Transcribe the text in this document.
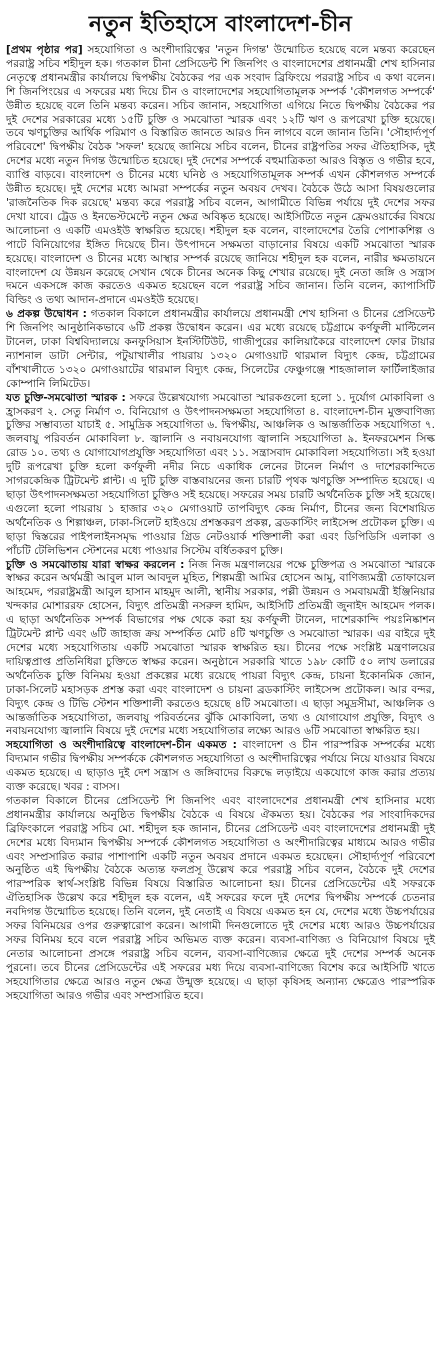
নতুন ইতিহাসে বাংলাদেশ-চীন

[প্রথম পৃষ্ঠার পর] সহযোগিতা ও অংশীদারিত্বের 'নতুন দিগন্ত' উন্মোচিত হয়েছে বলে মন্তব্য করেছেন পররাষ্ট্র সচিব শহীদুল হক। গতকাল চীনা প্রেসিডেন্ট শি জিনপিং ও বাংলাদেশের প্রধানমন্ত্রী শেখ হাসিনার নেতৃত্বে প্রধানমন্ত্রীর কার্যালয়ে দ্বিপক্ষীয় বৈঠকের পর এক সংবাদ ব্রিফিংয়ে পররাষ্ট্র সচিব এ কথা বলেন। শি জিনপিংয়ের এ সফরের মধ্য দিয়ে চীন ও বাংলাদেশের সহযোগিতামূলক সম্পর্ক 'কৌশলগত সম্পর্কে' উন্নীত হয়েছে বলে তিনি মন্তব্য করেন। সচিব জানান, সহযোগিতা এগিয়ে নিতে দ্বিপক্ষীয় বৈঠকের পর দুই দেশের সরকারের মধ্যে ১৫টি চুক্তি ও সমঝোতা স্মারক এবং ১২টি ঋণ ও রূপরেখা চুক্তি হয়েছে। তবে ঋণচুক্তির আর্থিক পরিমাণ ও বিস্তারিত জানতে আরও দিন লাগবে বলে জানান তিনি। 'সৌহার্দ্যপূর্ণ পরিবেশে' দ্বিপক্ষীয় বৈঠক 'সফল' হয়েছে জানিয়ে সচিব বলেন, চীনের রাষ্ট্রপতির সফর ঐতিহাসিক, দুই দেশের মধ্যে নতুন দিগন্ত উন্মোচিত হয়েছে। দুই দেশের সম্পর্কে বহুমাত্রিকতা আরও বিস্তৃত ও গভীর হবে, ব্যাপ্তি বাড়বে। বাংলাদেশ ও চীনের মধ্যে ঘনিষ্ঠ ও সহযোগিতামূলক সম্পর্ক এখন কৌশলগত সম্পর্কে উন্নীত হয়েছে। দুই দেশের মধ্যে আমরা সম্পর্কের নতুন অবয়ব দেখব। বৈঠকে উঠে আসা বিষয়গুলোর 'রাজনৈতিক দিক রয়েছে' মন্তব্য করে পররাষ্ট্র সচিব বলেন, আগামীতে বিভিন্ন পর্যায়ে দুই দেশের সফর দেখা যাবে। ট্রেড ও ইনভেস্টমেন্টে নতুন ক্ষেত্র অবিষ্কৃত হয়েছে। আইসিটিতে নতুন ফ্রেমওয়ার্কের বিষয়ে আলোচনা ও একটি এমওইউ স্বাক্ষরিত হয়েছে। শহীদুল হক বলেন, বাংলাদেশের তৈরি পোশাকশিল্প ও পাটে বিনিয়োগের ইঙ্গিত দিয়েছে চীন। উৎপাদনে সক্ষমতা বাড়ানোর বিষয়ে একটি সমঝোতা স্মারক হয়েছে। বাংলাদেশ ও চীনের মধ্যে আস্থার সম্পর্ক রয়েছে জানিয়ে শহীদুল হক বলেন, নারীর ক্ষমতায়নে বাংলাদেশ যে উন্নয়ন করেছে সেখান থেকে চীনের অনেক কিছু শেখার রয়েছে। দুই নেতা জঙ্গি ও সন্ত্রাস দমনে একসঙ্গে কাজ করতেও একমত হয়েছেন বলে পররাষ্ট্র সচিব জানান। তিনি বলেন, ক্যাপাসিটি বিল্ডিং ও তথ্য আদান-প্রদানে এমওইউ হয়েছে।

৬ প্রকল্প উদ্বোধন : গতকাল বিকালে প্রধানমন্ত্রীর কার্যালয়ে প্রধানমন্ত্রী শেখ হাসিনা ও চীনের প্রেসিডেন্ট শি জিনপিং আনুষ্ঠানিকভাবে ৬টি প্রকল্প উদ্বোধন করেন। এর মধ্যে রয়েছে চট্টগ্রামে কর্ণফুলী মাল্টিলেন টানেল, ঢাকা বিশ্ববিদ্যালয়ে কনফুসিয়াস ইনস্টিটিউট, গাজীপুরের কালিয়াকৈরে বাংলাদেশ ফোর টায়ার ন্যাশনাল ডাটা সেন্টার, পটুয়াখালীর পায়রায় ১৩২০ মেগাওয়াট থারমাল বিদ্যুৎ কেন্দ্র, চট্টগ্রামের বাঁশখালীতে ১৩২০ মেগাওয়াটের থারমাল বিদ্যুৎ কেন্দ্র, সিলেটের ফেঞ্চুগঞ্জে শাহজালাল ফার্টিলাইজার কোম্পানি লিমিটেড।

যত চুক্তি-সমঝোতা স্মারক : সফরে উল্লেখযোগ্য সমঝোতা স্মারকগুলো হলো ১. দুর্যোগ মোকাবিলা ও হ্রাসকরণ ২. সেতু নির্মাণ ৩. বিনিয়োগ ও উৎপাদনসক্ষমতা সহযোগিতা ৪. বাংলাদেশ-চীন মুক্তবাণিজ্য চুক্তির সম্ভাব্যতা যাচাই ৫. সামুদ্রিক সহযোগিতা ৬. দ্বিপক্ষীয়, আঞ্চলিক ও আন্তর্জাতিক সহযোগিতা ৭. জলবায়ু পরিবর্তন মোকাবিলা ৮. জ্বালানি ও নবায়নযোগ্য জ্বালানি সহযোগিতা ৯. ইনফরমেশন সিল্ক রোড ১০. তথ্য ও যোগাযোগপ্রযুক্তি সহযোগিতা এবং ১১. সন্ত্রাসবাদ মোকাবিলা সহযোগিতা। সই হওয়া দুটি রূপরেখা চুক্তি হলো কর্ণফুলী নদীর নিচে একাধিক লেনের টানেল নির্মাণ ও দাশেরকান্দিতে সাগরকেন্দ্রিক ট্রিটমেন্ট প্লান্ট। এ দুটি চুক্তি বাস্তবায়নের জন্য চারটি পৃথক ঋণচুক্তি সম্পাদিত হয়েছে। এ ছাড়া উৎপাদনসক্ষমতা সহযোগিতা চুক্তিও সই হয়েছে। সফরের সময় চারটি অর্থনৈতিক চুক্তি সই হয়েছে। এগুলো হলো পায়রায় ১ হাজার ৩২০ মেগাওয়াট তাপবিদ্যুৎ কেন্দ্র নির্মাণ, চীনের জন্য বিশেষায়িত অর্থনৈতিক ও শিল্পাঞ্চল, ঢাকা-সিলেট হাইওয়ে প্রশস্তকরণ প্রকল্প, ব্রডকাস্টিং লাইসেন্স প্রটোকল চুক্তি। এ ছাড়া দ্বিস্তরের পাইপলাইনসমৃদ্ধ পাওয়ার গ্রিড নেটওয়ার্ক শক্তিশালী করা এবং ডিপিডিসি এলাকা ও পাঁচটি টেলিভিশন স্টেশনের মধ্যে পাওয়ার সিস্টেম বর্ধিতকরণ চুক্তি।

চুক্তি ও সমঝোতায় যারা স্বাক্ষর করলেন : নিজ নিজ মন্ত্রণালয়ের পক্ষে চুক্তিপত্র ও সমঝোতা স্মারকে স্বাক্ষর করেন অর্থমন্ত্রী আবুল মাল আবদুল মুহিত, শিল্পমন্ত্রী আমির হোসেন আমু, বাণিজ্যমন্ত্রী তোফায়েল আহমেদ, পররাষ্ট্রমন্ত্রী আবুল হাসান মাহমুদ আলী, স্থানীয় সরকার, পল্লী উন্নয়ন ও সমবায়মন্ত্রী ইঞ্জিনিয়ার খন্দকার মোশাররফ হোসেন, বিদ্যুৎ প্রতিমন্ত্রী নসরুল হামিদ, আইসিটি প্রতিমন্ত্রী জুনাইদ আহমেদ পলক। এ ছাড়া অর্থনৈতিক সম্পর্ক বিভাগের পক্ষ থেকে করা হয় কর্ণফুলী টানেল, দাশেরকান্দি পয়ঃনিষ্কাশন ট্রিটমেন্ট প্লান্ট এবং ৬টি জাহাজ ক্রয় সম্পর্কিত মোট ৪টি ঋণচুক্তি ও সমঝোতা স্মারক। এর বাইরে দুই দেশের মধ্যে সহযোগিতায় একটি সমঝোতা স্মারক স্বাক্ষরিত হয়। চীনের পক্ষে সংশ্লিষ্ট মন্ত্রণালয়ের দায়িত্বপ্রাপ্ত প্রতিনিধিরা চুক্তিতে স্বাক্ষর করেন। অনুষ্ঠানে সরকারি খাতে ১৯৮ কোটি ৫০ লাখ ডলারের অর্থনৈতিক চুক্তি বিনিময় হওয়া প্রকল্পের মধ্যে রয়েছে পায়রা বিদ্যুৎ কেন্দ্র, চায়না ইকোনমিক জোন, ঢাকা-সিলেট মহাসড়ক প্রশস্ত করা এবং বাংলাদেশ ও চায়না ব্রডকাস্টিং লাইসেন্স প্রটোকল। আর বন্দর, বিদ্যুৎ কেন্দ্র ও টিভি স্টেশন শক্তিশালী করতেও হয়েছে ৪টি সমঝোতা। এ ছাড়া সমুদ্রসীমা, আঞ্চলিক ও আন্তর্জাতিক সহযোগিতা, জলবায়ু পরিবর্তনের ঝুঁকি মোকাবিলা, তথ্য ও যোগাযোগ প্রযুক্তি, বিদ্যুৎ ও নবায়নযোগ্য জ্বালানি বিষয়ে দুই দেশের মধ্যে সহযোগিতার লক্ষ্যে আরও ৬টি সমঝোতা স্বাক্ষরিত হয়।

সহযোগিতা ও অংশীদারিত্বে বাংলাদেশ-চীন একমত : বাংলাদেশ ও চীন পারস্পরিক সম্পর্কের মধ্যে বিদ্যমান গভীর দ্বিপক্ষীয় সম্পর্ককে কৌশলগত সহযোগিতা ও অংশীদারিত্বের পর্যায়ে নিয়ে যাওয়ার বিষয়ে একমত হয়েছে। এ ছাড়াও দুই দেশ সন্ত্রাস ও জঙ্গিবাদের বিরুদ্ধে লড়াইয়ে একযোগে কাজ করার প্রত্যয় ব্যক্ত করেছে। খবর : বাসস।

গতকাল বিকালে চীনের প্রেসিডেন্ট শি জিনপিং এবং বাংলাদেশের প্রধানমন্ত্রী শেখ হাসিনার মধ্যে প্রধানমন্ত্রীর কার্যালয়ে অনুষ্ঠিত দ্বিপক্ষীয় বৈঠকে এ বিষয়ে ঐকমত্য হয়। বৈঠকের পর সাংবাদিকদের ব্রিফিংকালে পররাষ্ট্র সচিব মো. শহীদুল হক জানান, চীনের প্রেসিডেন্ট এবং বাংলাদেশের প্রধানমন্ত্রী দুই দেশের মধ্যে বিদ্যমান দ্বিপক্ষীয় সম্পর্কে কৌশলগত সহযোগিতা ও অংশীদারিত্বের মাধ্যমে আরও গভীর এবং সম্প্রসারিত করার পাশাপাশি একটি নতুন অবয়ব প্রদানে একমত হয়েছেন। সৌহার্দ্যপূর্ণ পরিবেশে অনুষ্ঠিত এই দ্বিপক্ষীয় বৈঠকে অত্যন্ত ফলপ্রসূ উল্লেখ করে পররাষ্ট্র সচিব বলেন, বৈঠকে দুই দেশের পারস্পরিক স্বার্থ-সংশ্লিষ্ট বিভিন্ন বিষয়ে বিস্তারিত আলোচনা হয়। চীনের প্রেসিডেন্টের এই সফরকে ঐতিহাসিক উল্লেখ করে শহীদুল হক বলেন, এই সফরের ফলে দুই দেশের দ্বিপক্ষীয় সম্পর্কে চেতনার নবদিগন্ত উন্মোচিত হয়েছে। তিনি বলেন, দুই নেতাই এ বিষয়ে একমত হন যে, দেশের মধ্যে উচ্চপর্যায়ের সফর বিনিময়ের ওপর গুরুত্বারোপ করেন। আগামী দিনগুলোতে দুই দেশের মধ্যে আরও উচ্চপর্যায়ের সফর বিনিময় হবে বলে পররাষ্ট্র সচিব অভিমত ব্যক্ত করেন। ব্যবসা-বাণিজ্য ও বিনিয়োগ বিষয়ে দুই নেতার আলোচনা প্রসঙ্গে পররাষ্ট্র সচিব বলেন, ব্যবসা-বাণিজ্যের ক্ষেত্রে দুই দেশের সম্পর্ক অনেক পুরনো। তবে চীনের প্রেসিডেন্টের এই সফরের মধ্য দিয়ে ব্যবসা-বাণিজ্যে বিশেষ করে আইসিটি খাতে সহযোগিতার ক্ষেত্রে আরও নতুন ক্ষেত্র উন্মুক্ত হয়েছে। এ ছাড়া কৃষিসহ অন্যান্য ক্ষেত্রেও পারস্পরিক সহযোগিতা আরও গভীর এবং সম্প্রসারিত হবে।
